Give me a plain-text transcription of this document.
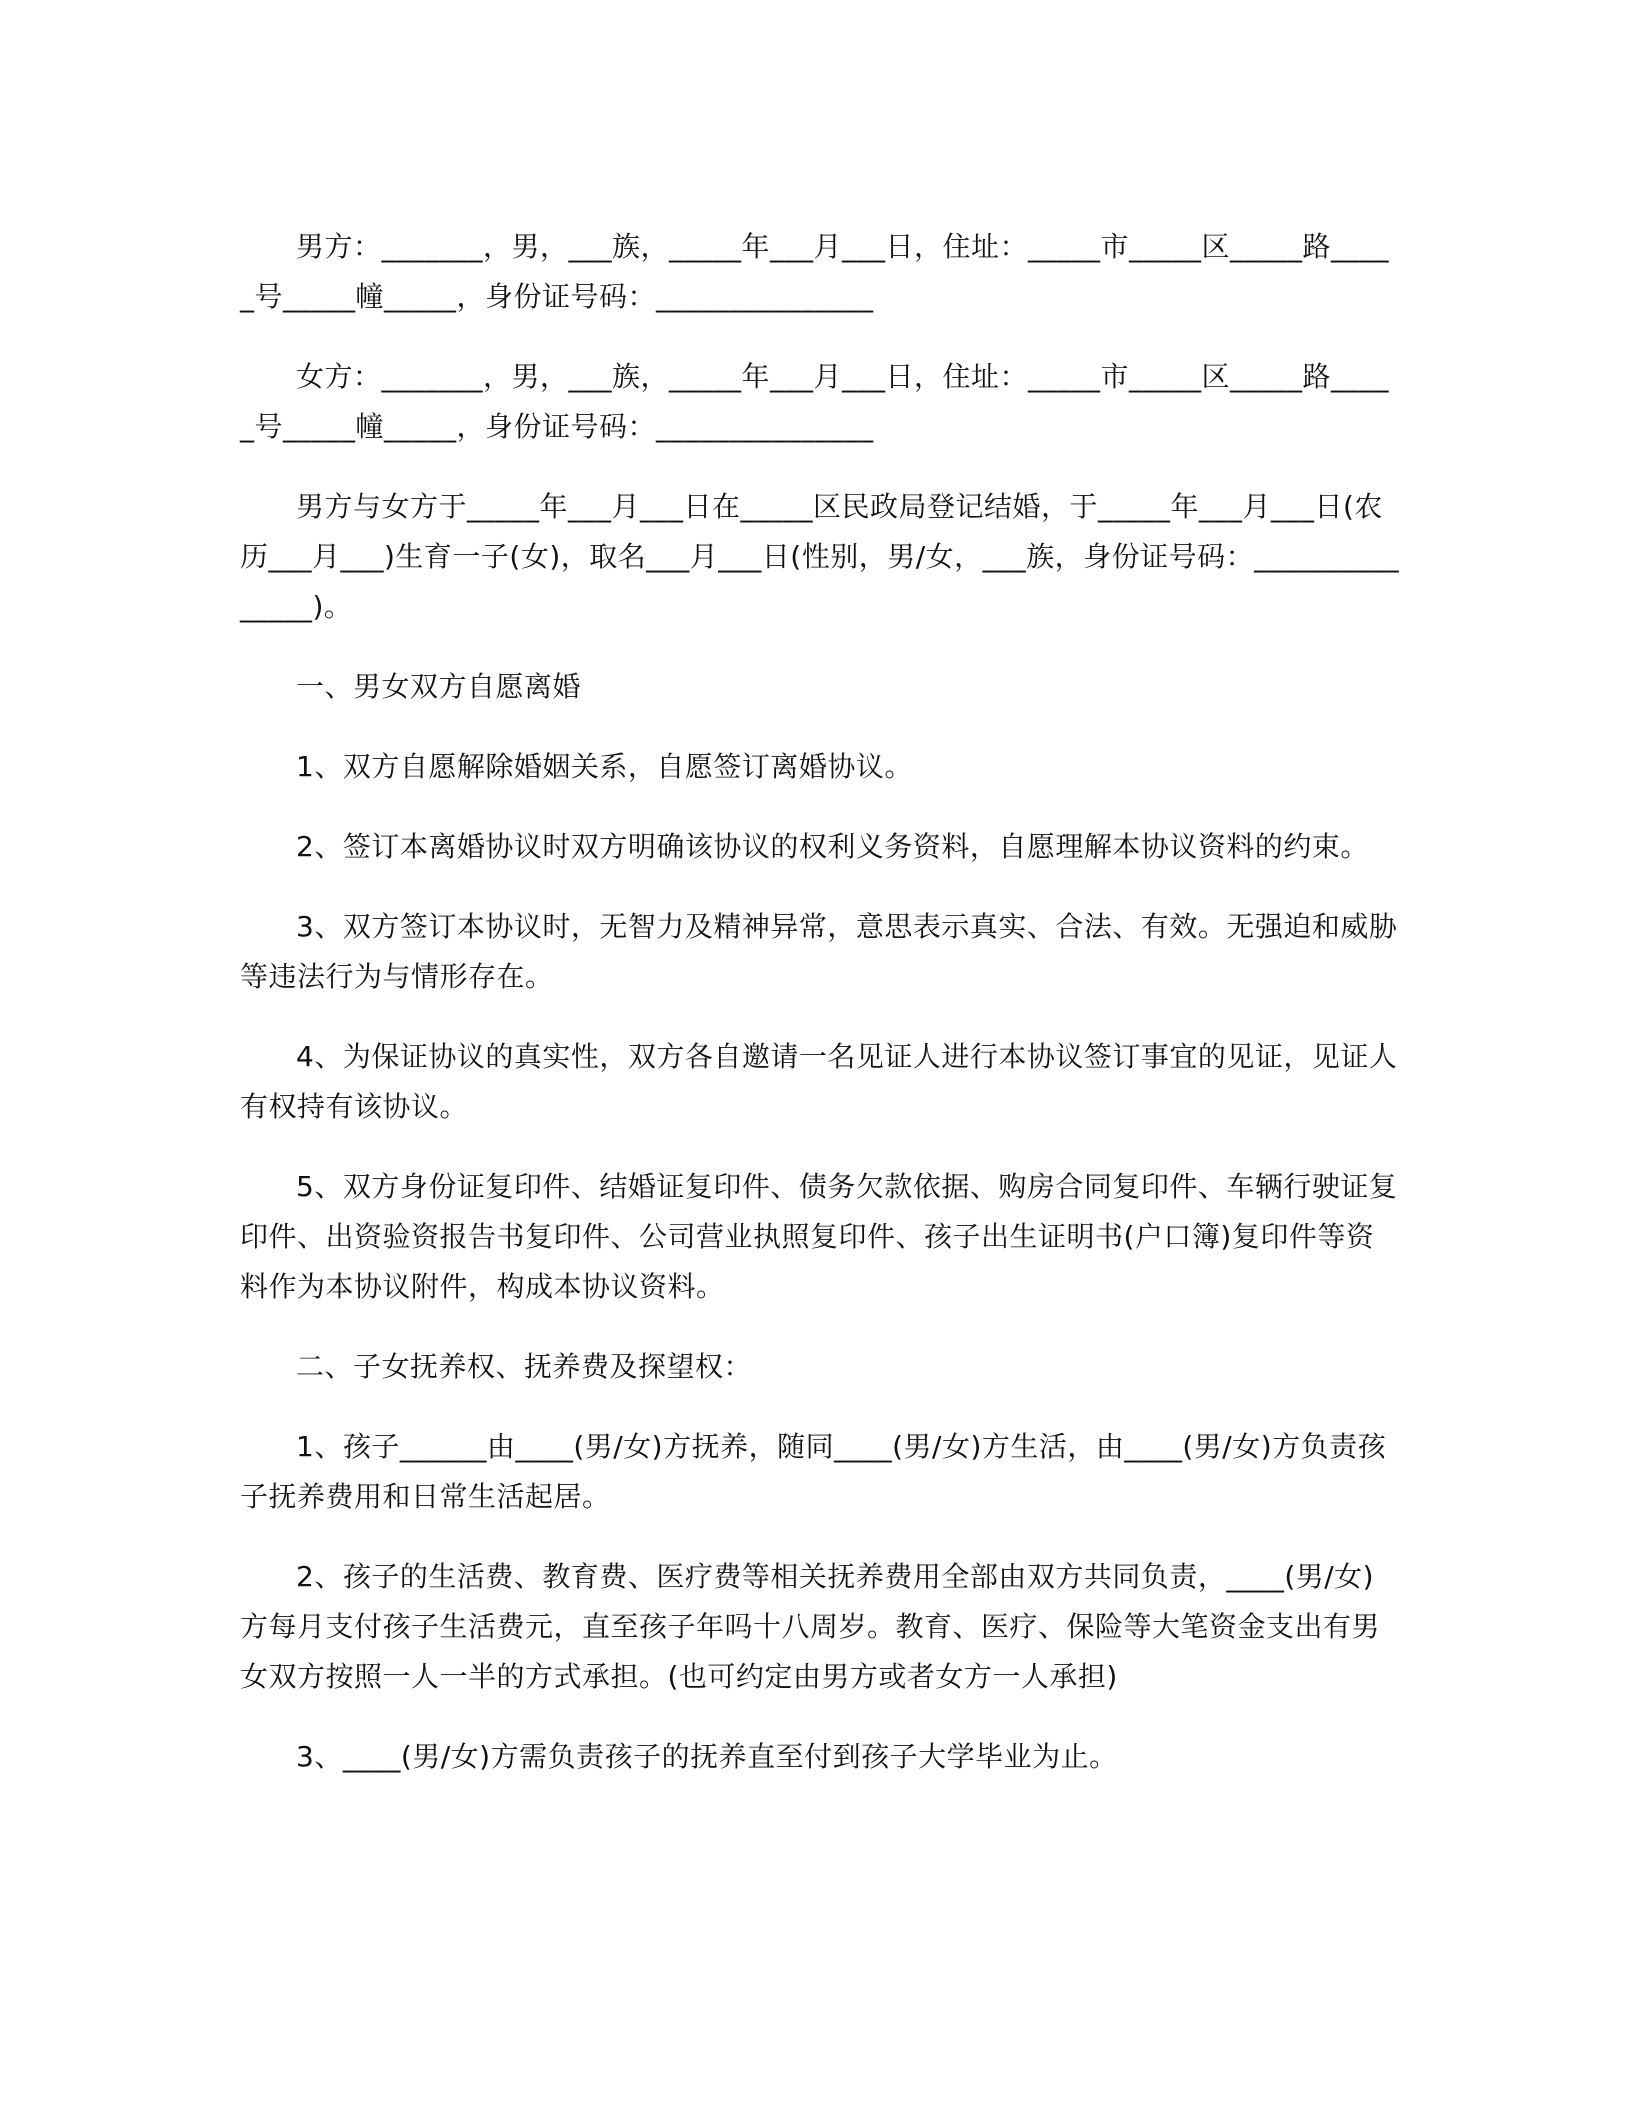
男方：_______，男，___族，_____年___月___日，住址：_____市_____区_____路_____号_____幢_____，身份证号码：_______________

女方：_______，男，___族，_____年___月___日，住址：_____市_____区_____路_____号_____幢_____，身份证号码：_______________

男方与女方于_____年___月___日在_____区民政局登记结婚，于_____年___月___日(农历___月___)生育一子(女)，取名___月___日(性别，男/女，___族，身份证号码：_______________)。

一、男女双方自愿离婚

1、双方自愿解除婚姻关系，自愿签订离婚协议。

2、签订本离婚协议时双方明确该协议的权利义务资料，自愿理解本协议资料的约束。

3、双方签订本协议时，无智力及精神异常，意思表示真实、合法、有效。无强迫和威胁等违法行为与情形存在。

4、为保证协议的真实性，双方各自邀请一名见证人进行本协议签订事宜的见证，见证人有权持有该协议。

5、双方身份证复印件、结婚证复印件、债务欠款依据、购房合同复印件、车辆行驶证复印件、出资验资报告书复印件、公司营业执照复印件、孩子出生证明书(户口簿)复印件等资料作为本协议附件，构成本协议资料。

二、子女抚养权、抚养费及探望权：

1、孩子______由____(男/女)方抚养，随同____(男/女)方生活，由____(男/女)方负责孩子抚养费用和日常生活起居。

2、孩子的生活费、教育费、医疗费等相关抚养费用全部由双方共同负责，____(男/女)方每月支付孩子生活费元，直至孩子年吗十八周岁。教育、医疗、保险等大笔资金支出有男女双方按照一人一半的方式承担。(也可约定由男方或者女方一人承担)

3、____(男/女)方需负责孩子的抚养直至付到孩子大学毕业为止。
